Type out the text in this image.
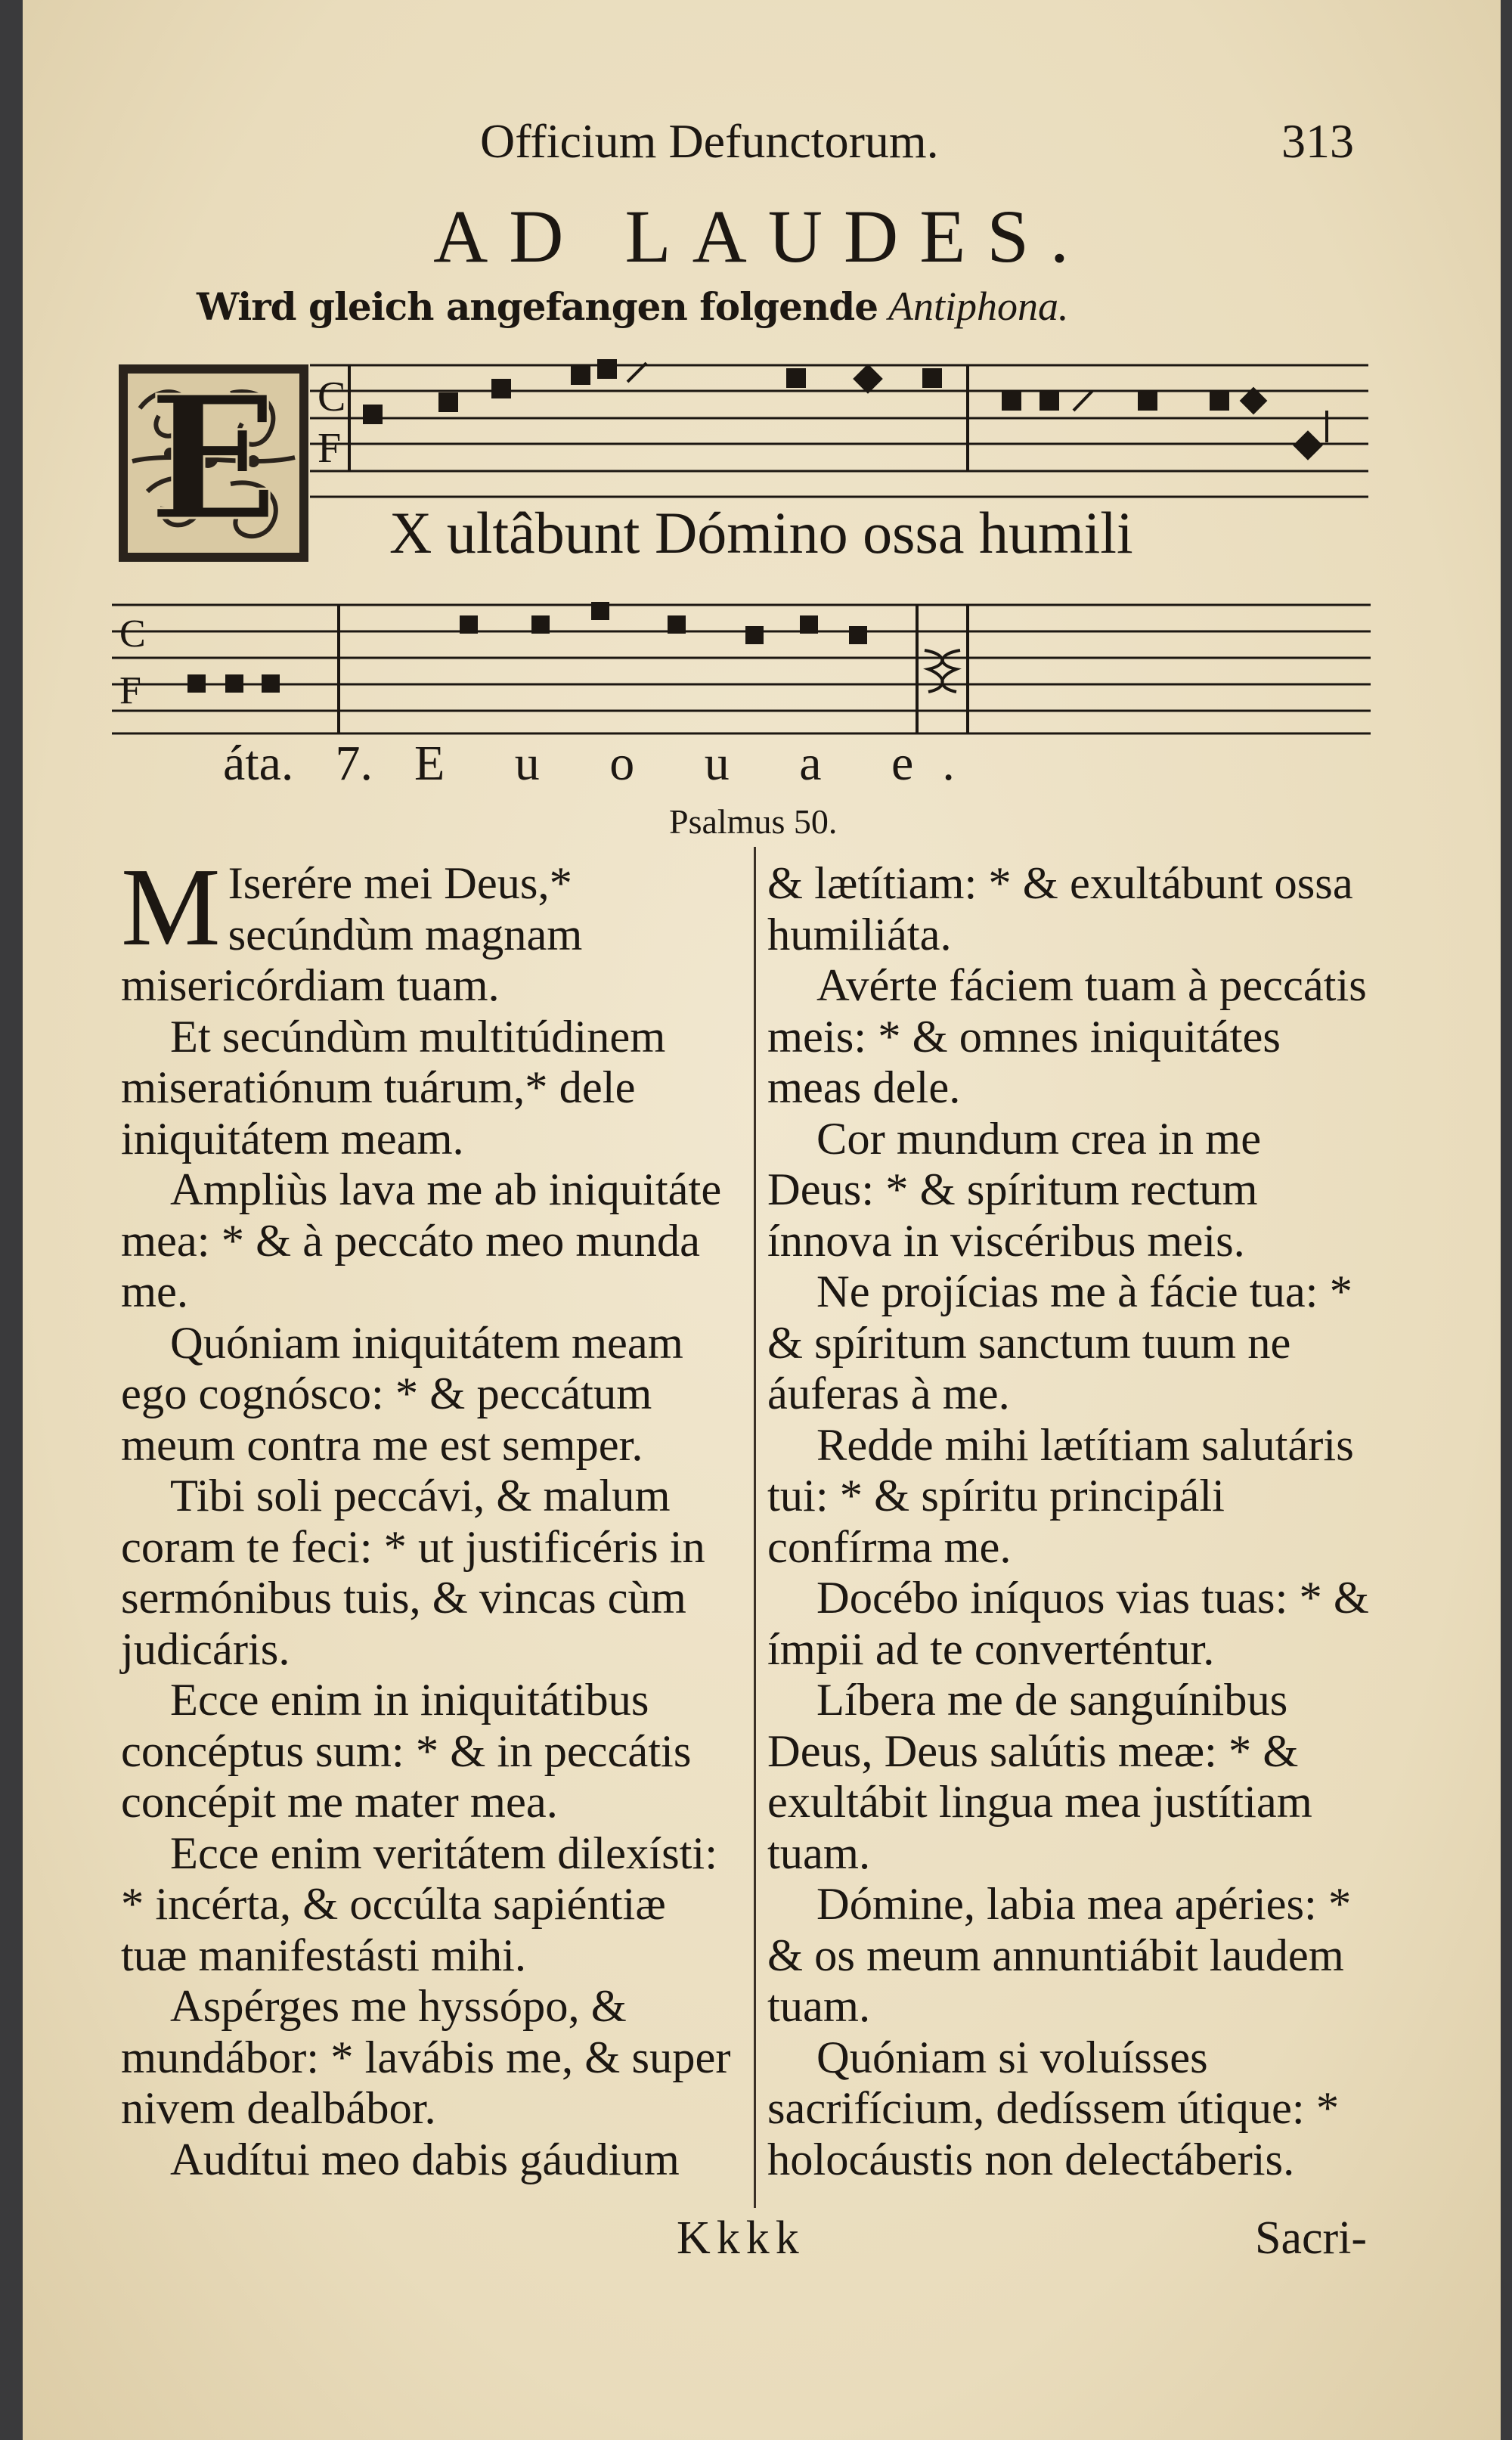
Officium Defunctorum.	313
AD LAUDES.
Wird gleich angefangen folgende Antiphona.
E C
F
X ultâbunt Dómino ossa humili
C
F
áta. 7. E u o u a e.
Psalmus 50.

M Iserére mei Deus,* secúndùm magnam misericórdiam tuam.

Et secúndùm multitúdinem miseratiónum tuárum,* dele iniquitátem meam.

Ampliùs lava me ab iniquitáte mea: * & à peccáto meo munda me.

Quóniam iniquitátem meam ego cognósco: * & peccátum meum contra me est semper.

Tibi soli peccávi, & malum coram te feci: * ut justificéris in sermónibus tuis, & vincas cùm judicáris.

Ecce enim in iniquitátibus concéptus sum: * & in peccátis concépit me mater mea.

Ecce enim veritátem dilexísti: * incérta, & occúlta sapiéntiæ tuæ manifestásti mihi.

Aspérges me hyssópo, & mundábor: * lavábis me, & super nivem dealbábor.

Audítui meo dabis gáudium

& lætítiam: * & exultábunt ossa humiliáta.

Avérte fáciem tuam à peccátis meis: * & omnes iniquitátes meas dele.

Cor mundum crea in me Deus: * & spíritum rectum ínnova in viscéribus meis.

Ne projícias me à fácie tua: * & spíritum sanctum tuum ne áuferas à me.

Redde mihi lætítiam salutáris tui: * & spíritu principáli confírma me.

Docébo iníquos vias tuas: * & ímpii ad te converténtur.

Líbera me de sanguínibus Deus, Deus salútis meæ: * & exultábit lingua mea justítiam tuam.

Dómine, labia mea apéries: * & os meum annuntiábit laudem tuam.

Quóniam si voluísses sacrifícium, dedíssem útique: * holocáustis non delectáberis.

Kkkk	Sacri-
